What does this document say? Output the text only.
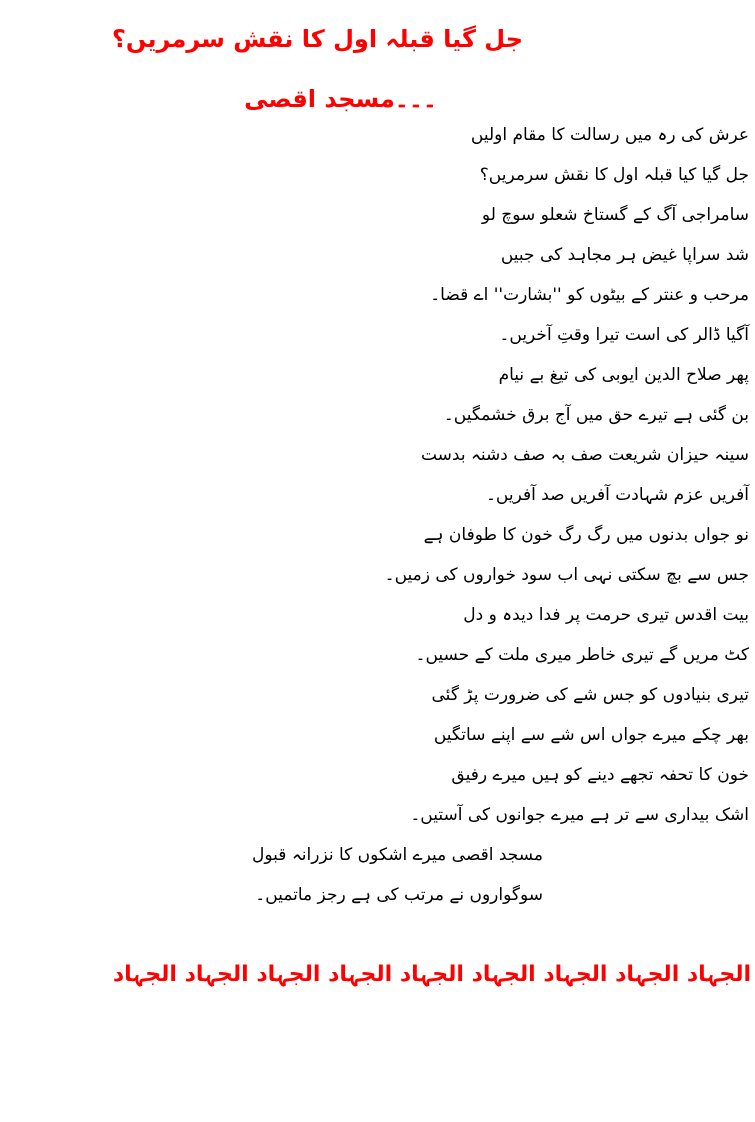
جل گیا قبلہ اول کا نقش سرمریں؟
۔۔۔مسجد اقصی

عرش کی رہ میں رسالت کا مقام اولیں

جل گیا کیا قبلہ اول کا نقش سرمریں؟

سامراجی آگ کے گستاخ شعلو سوچ لو

شد سراپا غیض ہر مجاہد کی جبیں

مرحب و عنتر کے بیٹوں کو ''بشارت'' اے قضا۔

آگیا ڈالر کی است تیرا وقتِ آخریں۔

پھر صلاح الدین ایوبی کی تیغ بے نیام

بن گئی ہے تیرے حق میں آج برق خشمگیں۔

سینہ حیزان شریعت صف بہ صف دشنہ بدست

آفریں عزم شہادت آفریں صد آفریں۔

نو جواں بدنوں میں رگ رگ خون کا طوفان ہے

جس سے بچ سکتی نہی اب سود خواروں کی زمیں۔

بیت اقدس تیری حرمت پر فدا دیدہ و دل

کٹ مریں گے تیری خاطر میری ملت کے حسیں۔

تیری بنیادوں کو جس شے کی ضرورت پڑ گئی

بھر چکے میرے جواں اس شے سے اپنے ساتگیں

خون کا تحفہ تجھے دینے کو ہیں میرے رفیق

اشک بیداری سے تر ہے میرے جوانوں کی آستیں۔

مسجد اقصی میرے اشکوں کا نزرانہ قبول

سوگواروں نے مرتب کی ہے رجز ماتمیں۔

الجہاد الجہاد الجہاد الجہاد الجہاد الجہاد الجہاد الجہاد الجہاد
